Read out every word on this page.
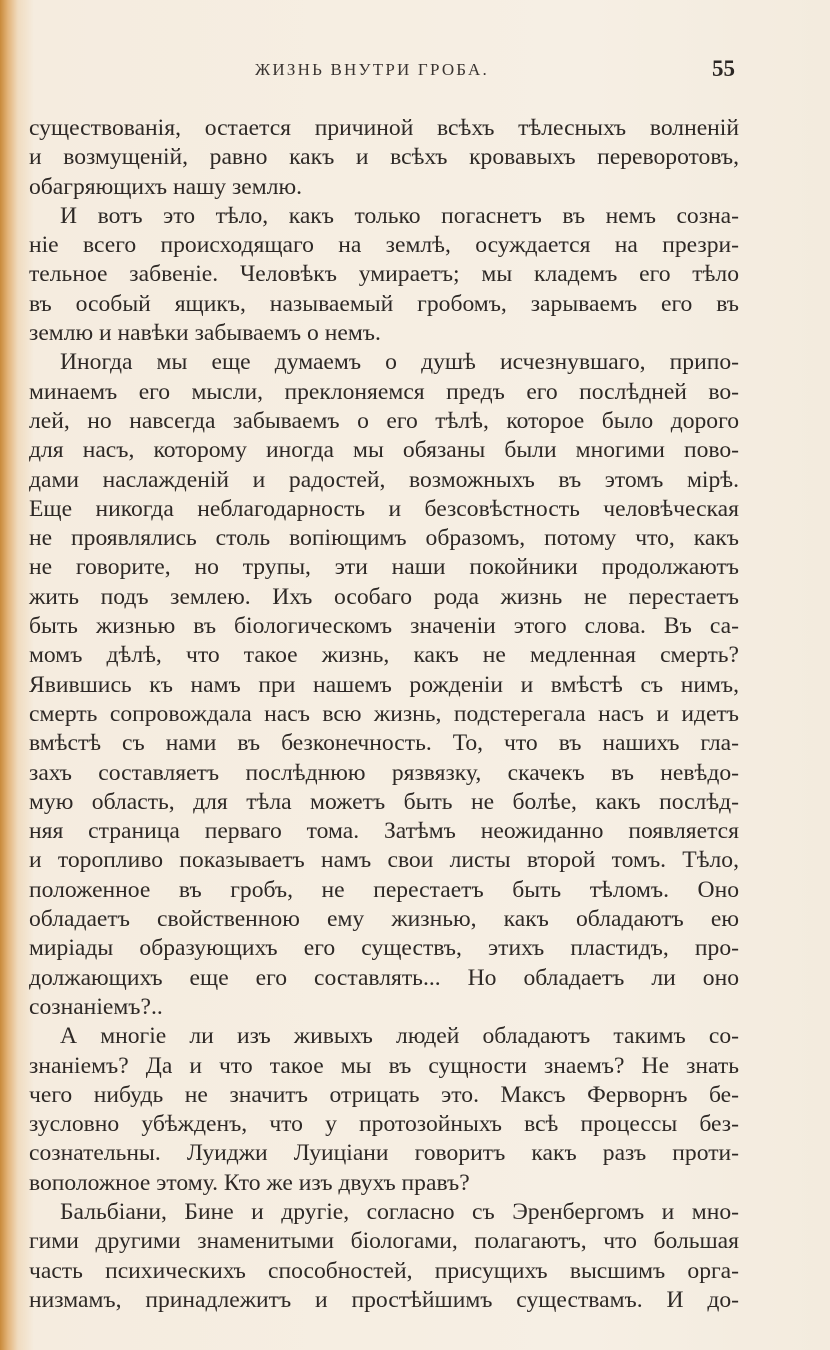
ЖИЗНЬ ВНУТРИ ГРОБА.	55
существованія, остается причиной всѣхъ тѣлесныхъ волненій
и возмущеній, равно какъ и всѣхъ кровавыхъ переворотовъ,
обагряющихъ нашу землю.
И вотъ это тѣло, какъ только погаснетъ въ немъ созна-
ніе всего происходящаго на землѣ, осуждается на презри-
тельное забвеніе. Человѣкъ умираетъ; мы кладемъ его тѣло
въ особый ящикъ, называемый гробомъ, зарываемъ его въ
землю и навѣки забываемъ о немъ.
Иногда мы еще думаемъ о душѣ исчезнувшаго, припо-
минаемъ его мысли, преклоняемся предъ его послѣдней во-
лей, но навсегда забываемъ о его тѣлѣ, которое было дорого
для насъ, которому иногда мы обязаны были многими пово-
дами наслажденій и радостей, возможныхъ въ этомъ мірѣ.
Еще никогда неблагодарность и безсовѣстность человѣческая
не проявлялись столь вопіющимъ образомъ, потому что, какъ
не говорите, но трупы, эти наши покойники продолжаютъ
жить подъ землею. Ихъ особаго рода жизнь не перестаетъ
быть жизнью въ біологическомъ значеніи этого слова. Въ са-
момъ дѣлѣ, что такое жизнь, какъ не медленная смерть?
Явившись къ намъ при нашемъ рожденіи и вмѣстѣ съ нимъ,
смерть сопровождала насъ всю жизнь, подстерегала насъ и идетъ
вмѣстѣ съ нами въ безконечность. То, что въ нашихъ гла-
захъ составляетъ послѣднюю рязвязку, скачекъ въ невѣдо-
мую область, для тѣла можетъ быть не болѣе, какъ послѣд-
няя страница перваго тома. Затѣмъ неожиданно появляется
и торопливо показываетъ намъ свои листы второй томъ. Тѣло,
положенное въ гробъ, не перестаетъ быть тѣломъ. Оно
обладаетъ свойственною ему жизнью, какъ обладаютъ ею
миріады образующихъ его существъ, этихъ пластидъ, про-
должающихъ еще его составлять... Но обладаетъ ли оно
сознаніемъ?..
А многіе ли изъ живыхъ людей обладаютъ такимъ со-
знаніемъ? Да и что такое мы въ сущности знаемъ? Не знать
чего нибудь не значитъ отрицать это. Максъ Ферворнъ бе-
зусловно убѣжденъ, что у протозойныхъ всѣ процессы без-
сознательны. Луиджи Луиціани говоритъ какъ разъ проти-
воположное этому. Кто же изъ двухъ правъ?
Бальбіани, Бине и другіе, согласно съ Эренбергомъ и мно-
гими другими знаменитыми біологами, полагаютъ, что большая
часть психическихъ способностей, присущихъ высшимъ орга-
низмамъ, принадлежитъ и простѣйшимъ существамъ. И до-
